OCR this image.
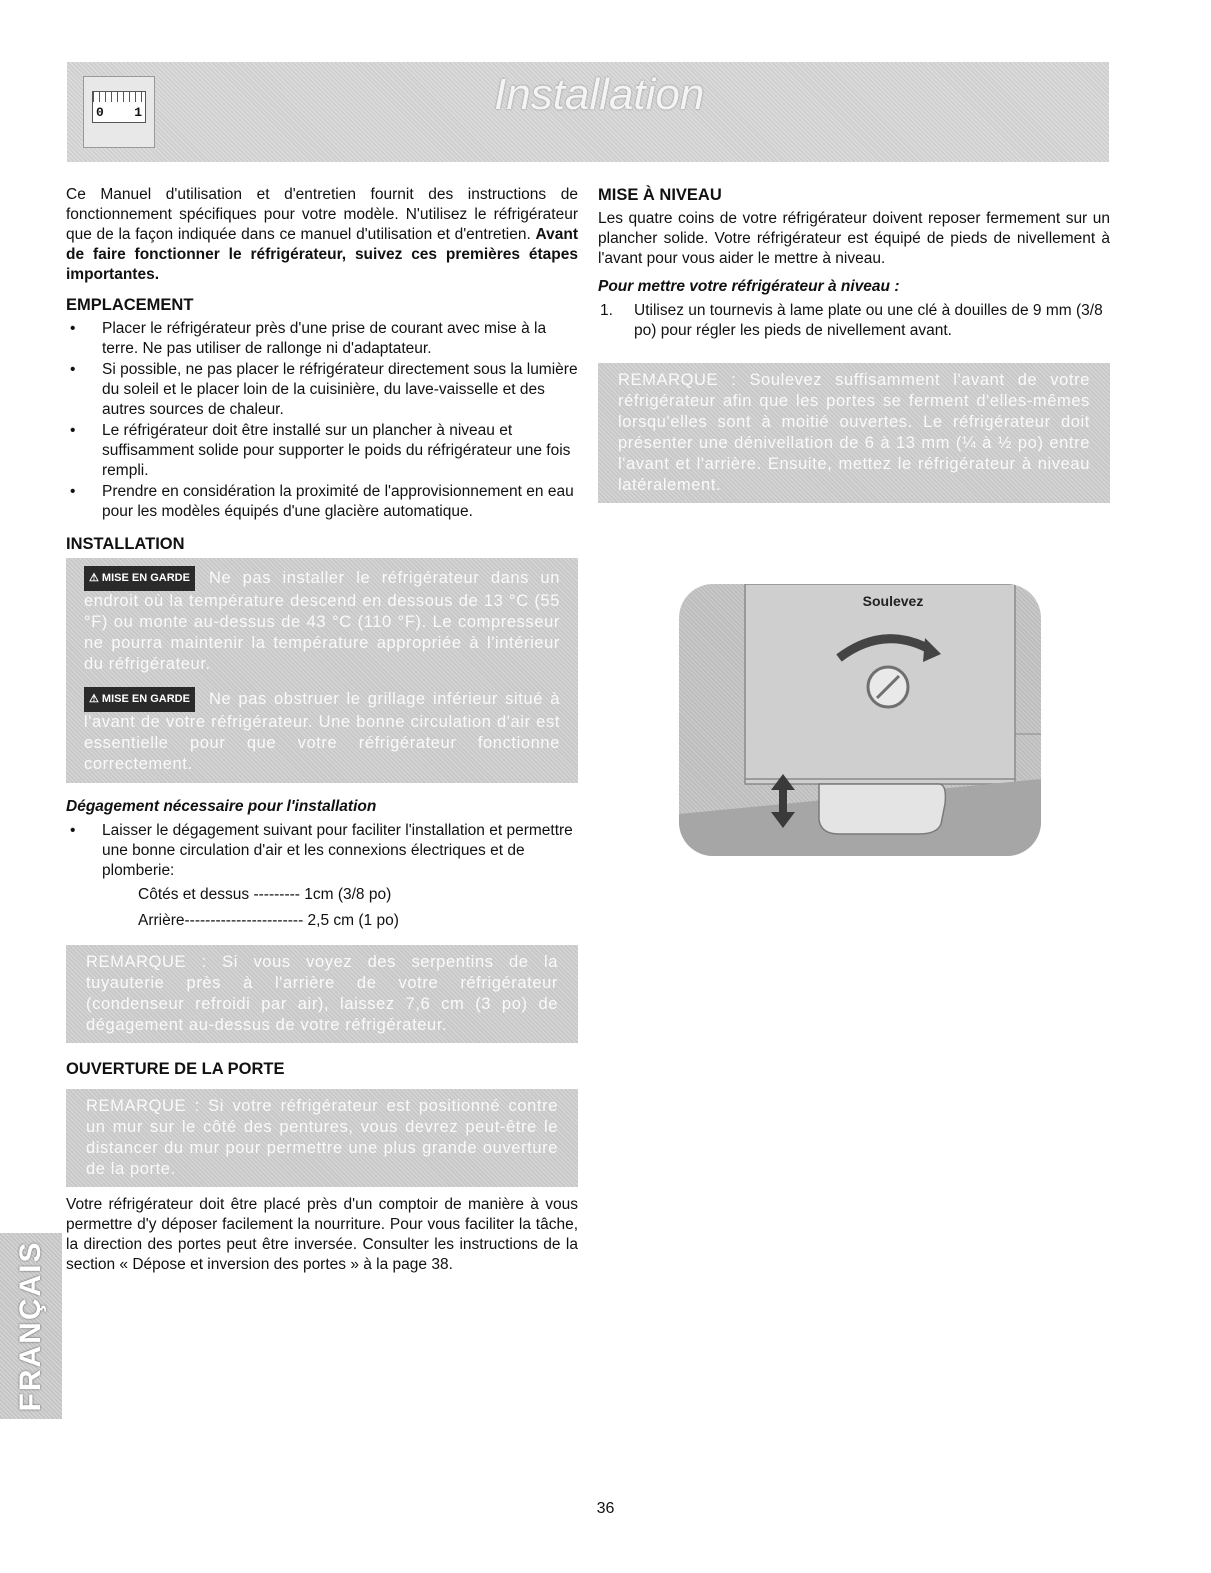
0 1	Installation

Ce Manuel d'utilisation et d'entretien fournit des instructions de fonctionnement spécifiques pour votre modèle. N'utilisez le réfrigérateur que de la façon indiquée dans ce manuel d'utilisation et d'entretien. Avant de faire fonctionner le réfrigérateur, suivez ces premières étapes importantes.

EMPLACEMENT
• Placer le réfrigérateur près d'une prise de courant avec mise à la terre. Ne pas utiliser de rallonge ni d'adaptateur.
• Si possible, ne pas placer le réfrigérateur directement sous la lumière du soleil et le placer loin de la cuisinière, du lave-vaisselle et des autres sources de chaleur.
• Le réfrigérateur doit être installé sur un plancher à niveau et suffisamment solide pour supporter le poids du réfrigérateur une fois rempli.
• Prendre en considération la proximité de l'approvisionnement en eau pour les modèles équipés d'une glacière automatique.
INSTALLATION
⚠ MISE EN GARDE Ne pas installer le réfrigérateur dans un endroit où la température descend en dessous de 13 °C (55 °F) ou monte au-dessus de 43 °C (110 °F). Le compresseur ne pourra maintenir la température appropriée à l'intérieur du réfrigérateur.
⚠ MISE EN GARDE Ne pas obstruer le grillage inférieur situé à l'avant de votre réfrigérateur. Une bonne circulation d'air est essentielle pour que votre réfrigérateur fonctionne correctement.
Dégagement nécessaire pour l'installation
• Laisser le dégagement suivant pour faciliter l'installation et permettre une bonne circulation d'air et les connexions électriques et de plomberie:
Côtés et dessus --------- 1cm (3/8 po)
Arrière----------------------- 2,5 cm (1 po)
REMARQUE : Si vous voyez des serpentins de la tuyauterie près à l'arrière de votre réfrigérateur (condenseur refroidi par air), laissez 7,6 cm (3 po) de dégagement au-dessus de votre réfrigérateur.
OUVERTURE DE LA PORTE
REMARQUE : Si votre réfrigérateur est positionné contre un mur sur le côté des pentures, vous devrez peut-être le distancer du mur pour permettre une plus grande ouverture de la porte.

Votre réfrigérateur doit être placé près d'un comptoir de manière à vous permettre d'y déposer facilement la nourriture. Pour vous faciliter la tâche, la direction des portes peut être inversée. Consulter les instructions de la section « Dépose et inversion des portes » à la page 38.

MISE À NIVEAU

Les quatre coins de votre réfrigérateur doivent reposer fermement sur un plancher solide. Votre réfrigérateur est équipé de pieds de nivellement à l'avant pour vous aider le mettre à niveau.

Pour mettre votre réfrigérateur à niveau :
1. Utilisez un tournevis à lame plate ou une clé à douilles de 9 mm (3/8 po) pour régler les pieds de nivellement avant.
REMARQUE : Soulevez suffisamment l'avant de votre réfrigérateur afin que les portes se ferment d'elles-mêmes lorsqu'elles sont à moitié ouvertes. Le réfrigérateur doit présenter une dénivellation de 6 à 13 mm (¼ à ½ po) entre l'avant et l'arrière. Ensuite, mettez le réfrigérateur à niveau latéralement.
Soulevez
FRANÇAIS
36
